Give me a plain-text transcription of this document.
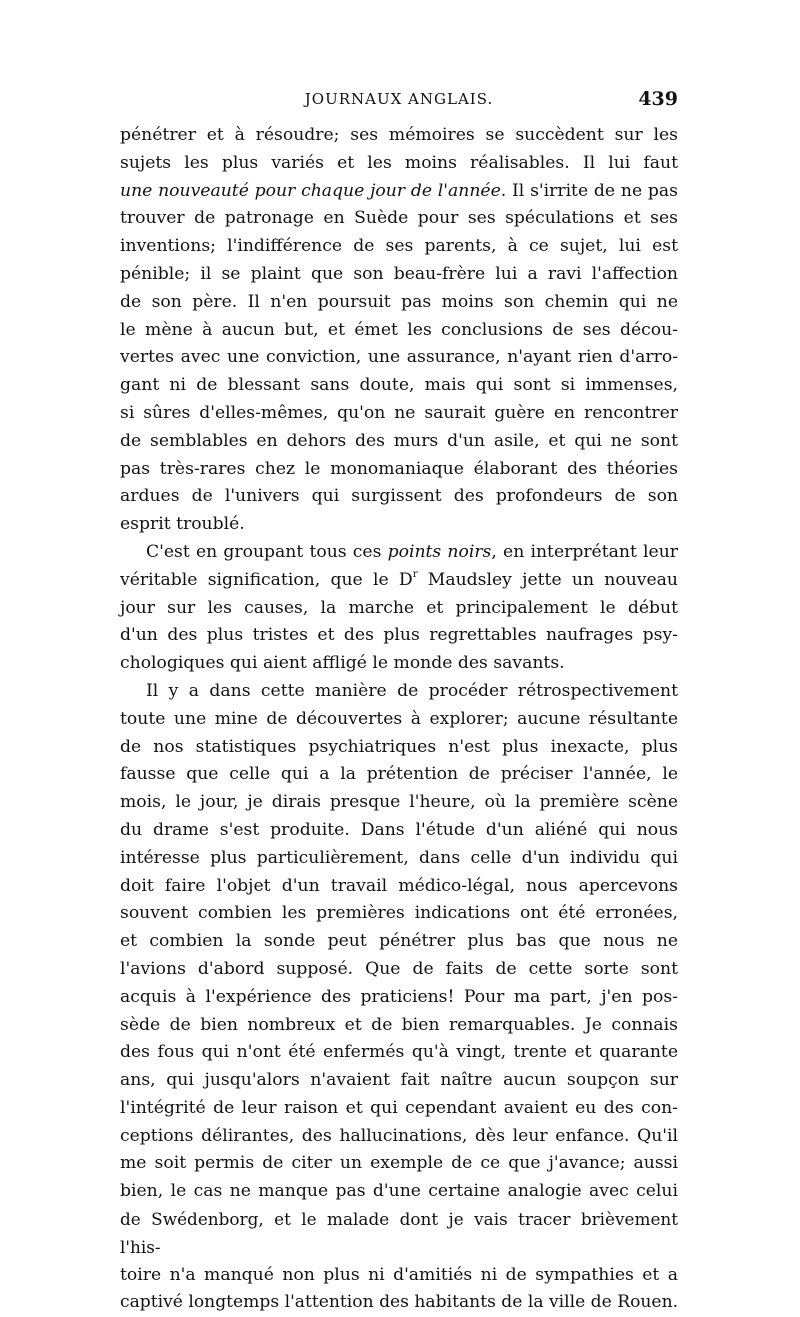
JOURNAUX ANGLAIS.	439
pénétrer et à résoudre; ses mémoires se succèdent sur les
sujets les plus variés et les moins réalisables. Il lui faut
une nouveauté pour chaque jour de l'année. Il s'irrite de ne pas
trouver de patronage en Suède pour ses spéculations et ses
inventions; l'indifférence de ses parents, à ce sujet, lui est
pénible; il se plaint que son beau-frère lui a ravi l'affection
de son père. Il n'en poursuit pas moins son chemin qui ne
le mène à aucun but, et émet les conclusions de ses décou-
vertes avec une conviction, une assurance, n'ayant rien d'arro-
gant ni de blessant sans doute, mais qui sont si immenses,
si sûres d'elles-mêmes, qu'on ne saurait guère en rencontrer
de semblables en dehors des murs d'un asile, et qui ne sont
pas très-rares chez le monomaniaque élaborant des théories
ardues de l'univers qui surgissent des profondeurs de son
esprit troublé.
C'est en groupant tous ces points noirs, en interprétant leur
véritable signification, que le $D^r$ Maudsley jette un nouveau
jour sur les causes, la marche et principalement le début
d'un des plus tristes et des plus regrettables naufrages psy-
chologiques qui aient affligé le monde des savants.
Il y a dans cette manière de procéder rétrospectivement
toute une mine de découvertes à explorer; aucune résultante
de nos statistiques psychiatriques n'est plus inexacte, plus
fausse que celle qui a la prétention de préciser l'année, le
mois, le jour, je dirais presque l'heure, où la première scène
du drame s'est produite. Dans l'étude d'un aliéné qui nous
intéresse plus particulièrement, dans celle d'un individu qui
doit faire l'objet d'un travail médico-légal, nous apercevons
souvent combien les premières indications ont été erronées,
et combien la sonde peut pénétrer plus bas que nous ne
l'avions d'abord supposé. Que de faits de cette sorte sont
acquis à l'expérience des praticiens! Pour ma part, j'en pos-
sède de bien nombreux et de bien remarquables. Je connais
des fous qui n'ont été enfermés qu'à vingt, trente et quarante
ans, qui jusqu'alors n'avaient fait naître aucun soupçon sur
l'intégrité de leur raison et qui cependant avaient eu des con-
ceptions délirantes, des hallucinations, dès leur enfance. Qu'il
me soit permis de citer un exemple de ce que j'avance; aussi
bien, le cas ne manque pas d'une certaine analogie avec celui
de Swédenborg, et le malade dont je vais tracer brièvement l'his-
toire n'a manqué non plus ni d'amitiés ni de sympathies et a
captivé longtemps l'attention des habitants de la ville de Rouen.
